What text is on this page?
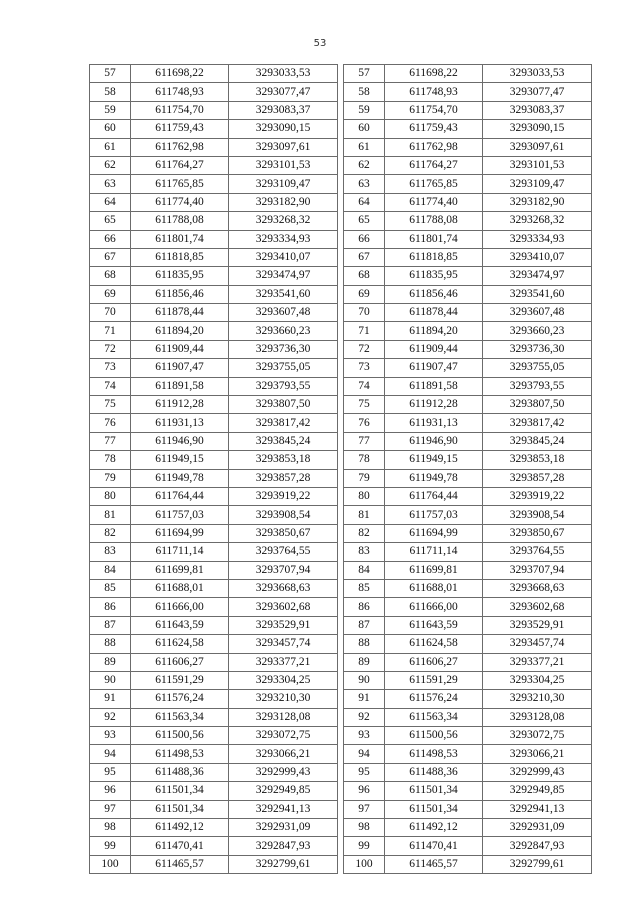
53
57	611698,22	3293033,53
58	611748,93	3293077,47
59	611754,70	3293083,37
60	611759,43	3293090,15
61	611762,98	3293097,61
62	611764,27	3293101,53
63	611765,85	3293109,47
64	611774,40	3293182,90
65	611788,08	3293268,32
66	611801,74	3293334,93
67	611818,85	3293410,07
68	611835,95	3293474,97
69	611856,46	3293541,60
70	611878,44	3293607,48
71	611894,20	3293660,23
72	611909,44	3293736,30
73	611907,47	3293755,05
74	611891,58	3293793,55
75	611912,28	3293807,50
76	611931,13	3293817,42
77	611946,90	3293845,24
78	611949,15	3293853,18
79	611949,78	3293857,28
80	611764,44	3293919,22
81	611757,03	3293908,54
82	611694,99	3293850,67
83	611711,14	3293764,55
84	611699,81	3293707,94
85	611688,01	3293668,63
86	611666,00	3293602,68
87	611643,59	3293529,91
88	611624,58	3293457,74
89	611606,27	3293377,21
90	611591,29	3293304,25
91	611576,24	3293210,30
92	611563,34	3293128,08
93	611500,56	3293072,75
94	611498,53	3293066,21
95	611488,36	3292999,43
96	611501,34	3292949,85
97	611501,34	3292941,13
98	611492,12	3292931,09
99	611470,41	3292847,93
100	611465,57	3292799,61
57	611698,22	3293033,53
58	611748,93	3293077,47
59	611754,70	3293083,37
60	611759,43	3293090,15
61	611762,98	3293097,61
62	611764,27	3293101,53
63	611765,85	3293109,47
64	611774,40	3293182,90
65	611788,08	3293268,32
66	611801,74	3293334,93
67	611818,85	3293410,07
68	611835,95	3293474,97
69	611856,46	3293541,60
70	611878,44	3293607,48
71	611894,20	3293660,23
72	611909,44	3293736,30
73	611907,47	3293755,05
74	611891,58	3293793,55
75	611912,28	3293807,50
76	611931,13	3293817,42
77	611946,90	3293845,24
78	611949,15	3293853,18
79	611949,78	3293857,28
80	611764,44	3293919,22
81	611757,03	3293908,54
82	611694,99	3293850,67
83	611711,14	3293764,55
84	611699,81	3293707,94
85	611688,01	3293668,63
86	611666,00	3293602,68
87	611643,59	3293529,91
88	611624,58	3293457,74
89	611606,27	3293377,21
90	611591,29	3293304,25
91	611576,24	3293210,30
92	611563,34	3293128,08
93	611500,56	3293072,75
94	611498,53	3293066,21
95	611488,36	3292999,43
96	611501,34	3292949,85
97	611501,34	3292941,13
98	611492,12	3292931,09
99	611470,41	3292847,93
100	611465,57	3292799,61
